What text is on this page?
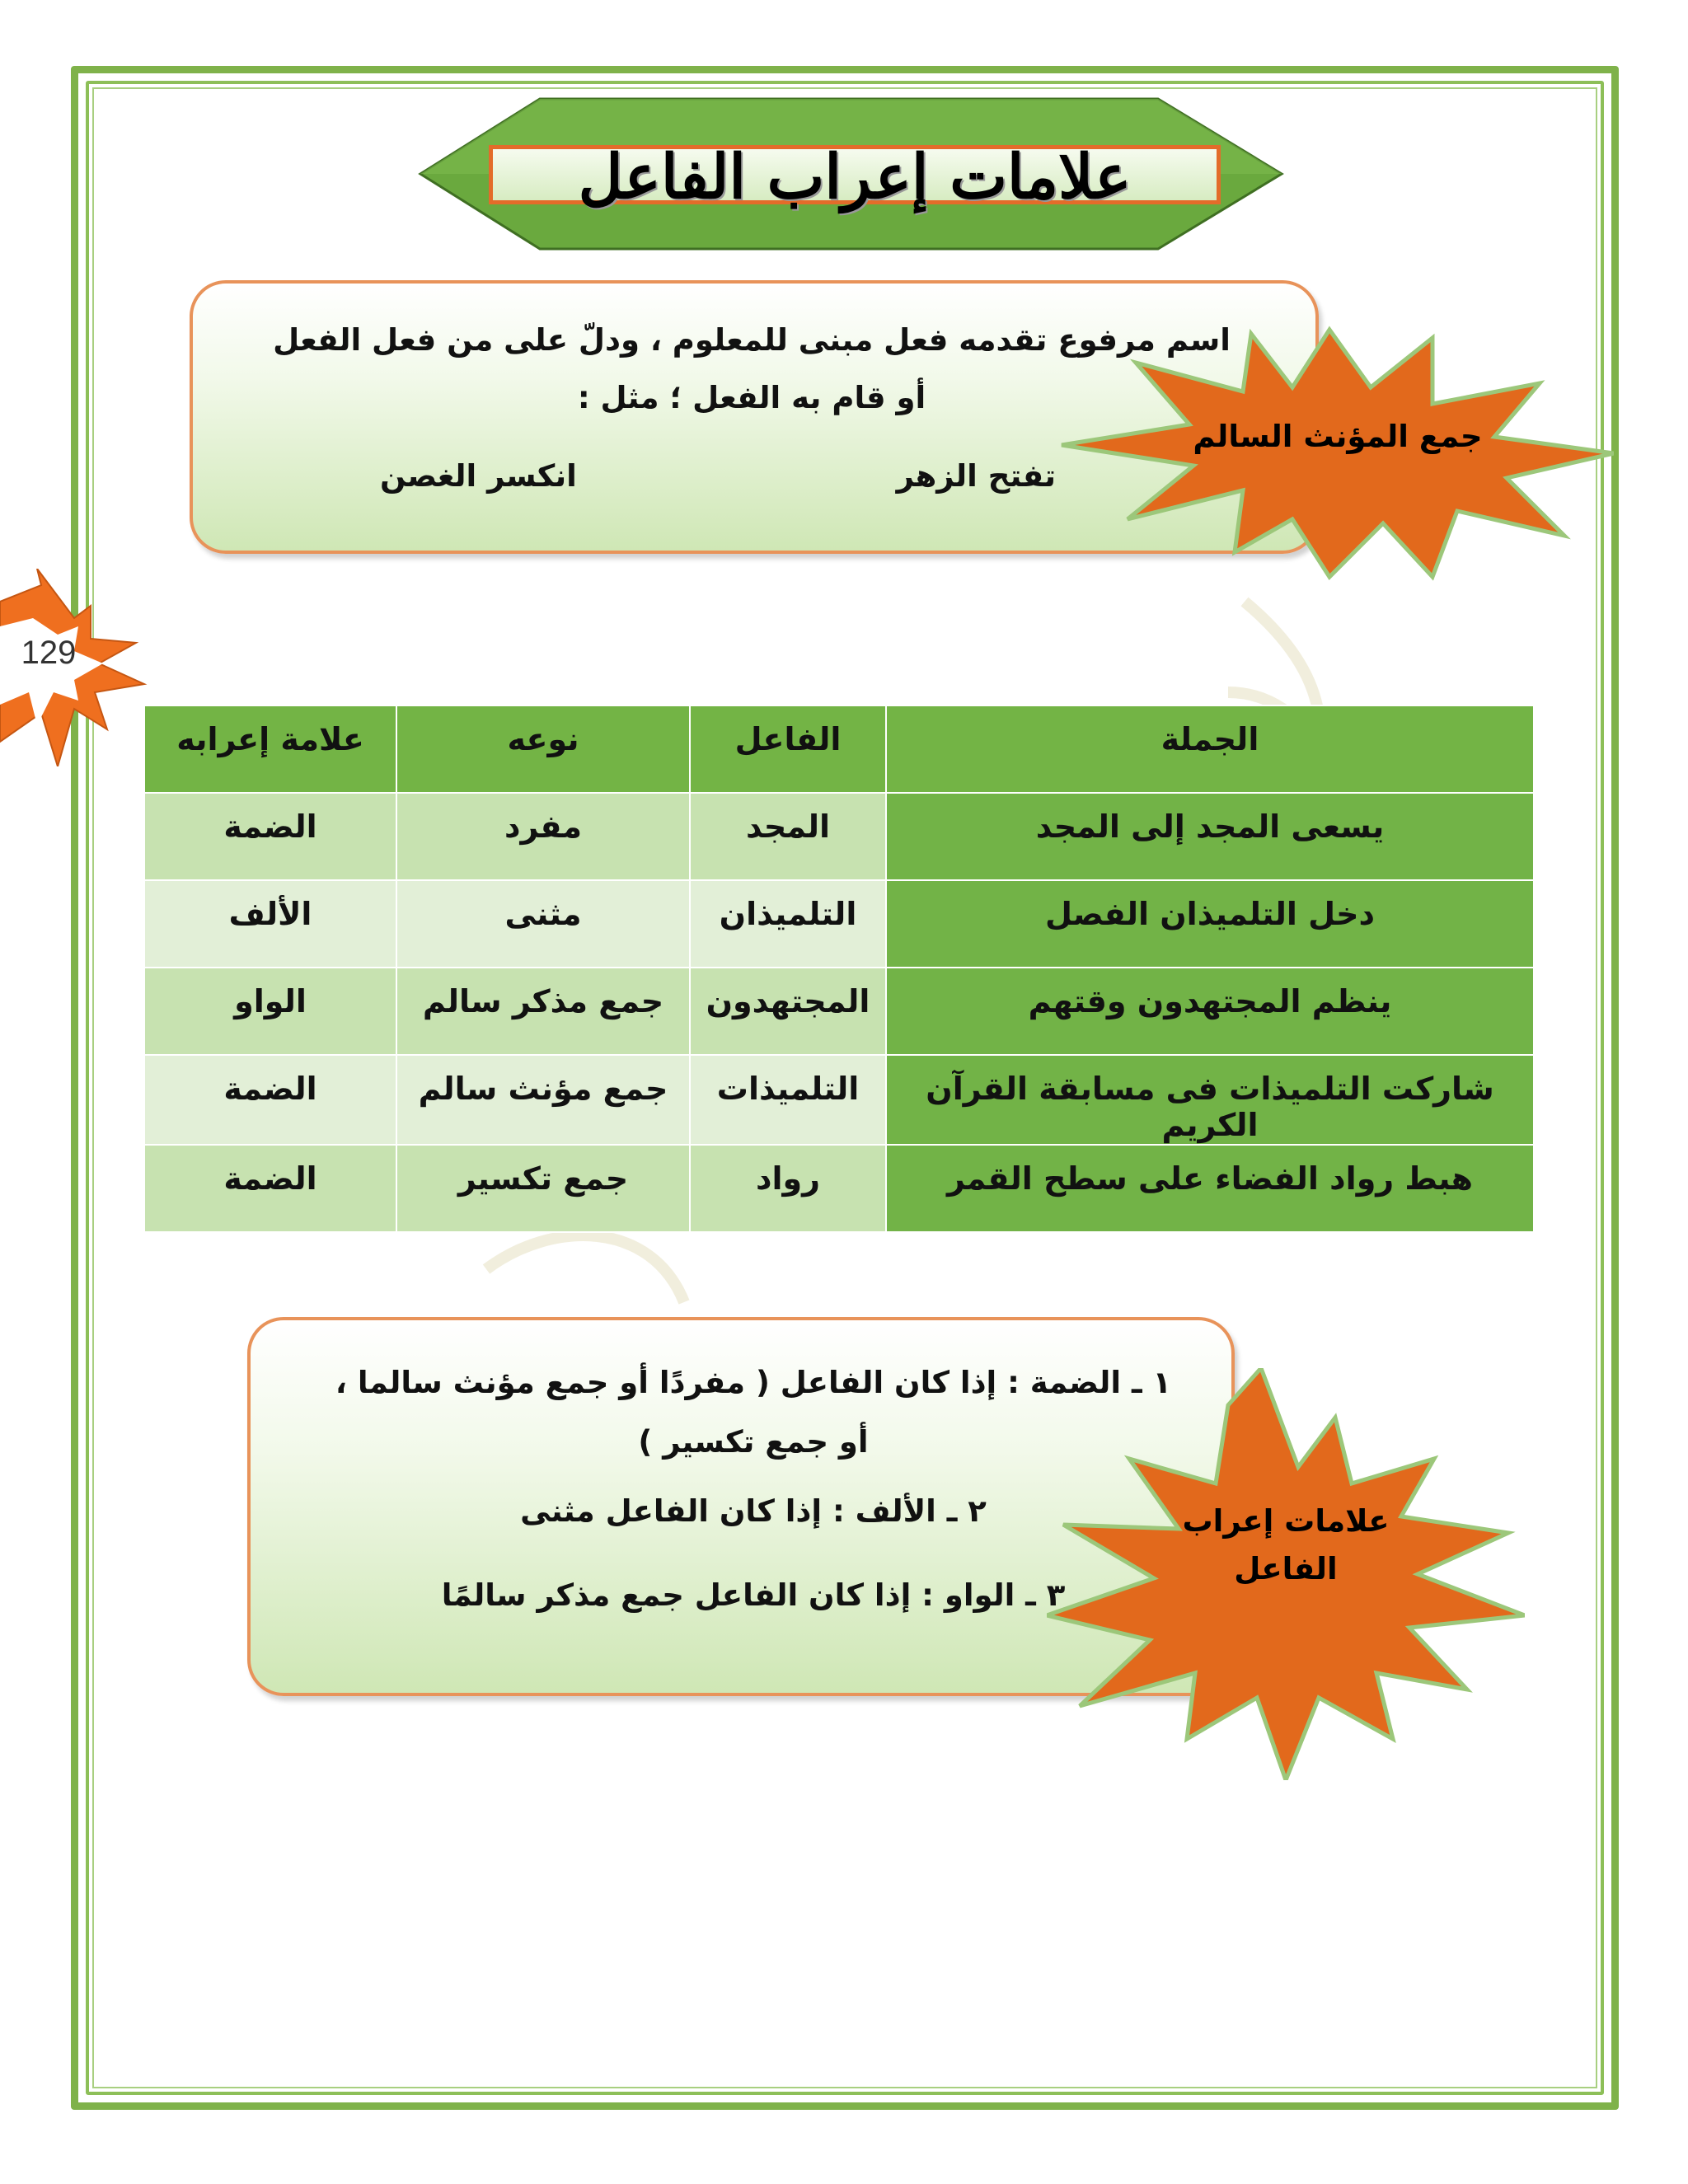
علامات إعراب الفاعل
اسم مرفوع تقدمه فعل مبنى للمعلوم ، ودلّ على من فعل الفعل أو قام به الفعل ؛ مثل :
تفتح الزهر
انكسر الغصن
جمع المؤنث السالم
129
الجملة	الفاعل	نوعه	علامة إعرابه
يسعى المجد إلى المجد	المجد	مفرد	الضمة
دخل التلميذان الفصل	التلميذان	مثنى	الألف
ينظم المجتهدون وقتهم	المجتهدون	جمع مذكر سالم	الواو
شاركت التلميذات فى مسابقة القرآن الكريم	التلميذات	جمع مؤنث سالم	الضمة
هبط رواد الفضاء على سطح القمر	رواد	جمع تكسير	الضمة
١ ـ الضمة : إذا كان الفاعل ( مفردًا أو جمع مؤنث سالما ، أو جمع تكسير )
٢ ـ الألف : إذا كان الفاعل مثنى
٣ ـ الواو : إذا كان الفاعل جمع مذكر سالمًا
علامات إعراب الفاعل
